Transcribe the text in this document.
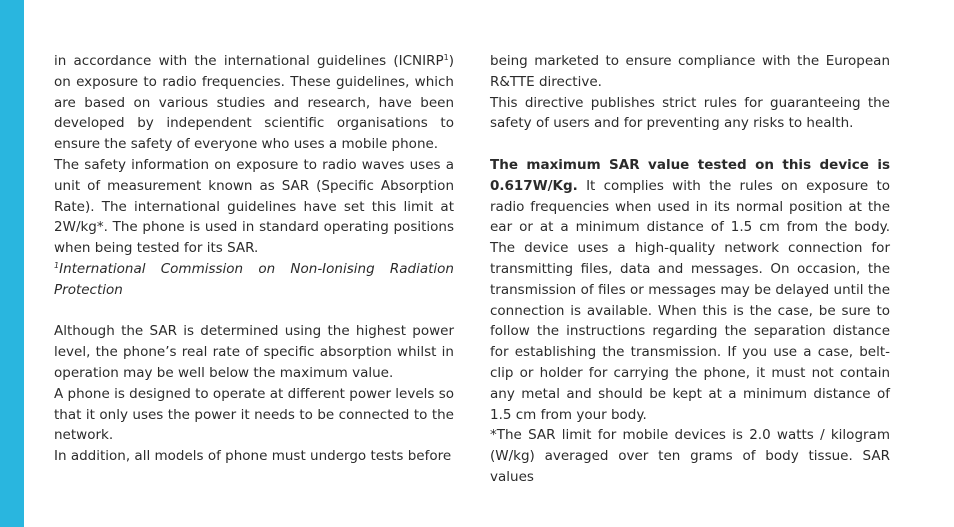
in accordance with the international guidelines (ICNIRP$^1$) on exposure to radio frequencies. These guidelines, which are based on various studies and research, have been developed by independent scientific organisations to ensure the safety of everyone who uses a mobile phone.

The safety information on exposure to radio waves uses a unit of measurement known as SAR (Specific Absorption Rate). The international guidelines have set this limit at 2W/kg*. The phone is used in standard operating positions when being tested for its SAR.

$^1$International Commission on Non-Ionising Radiation Protection

Although the SAR is determined using the highest power level, the phone’s real rate of specific absorption whilst in operation may be well below the maximum value.

A phone is designed to operate at different power levels so that it only uses the power it needs to be connected to the network.

In addition, all models of phone must undergo tests before

being marketed to ensure compliance with the European R&TTE directive.

This directive publishes strict rules for guaranteeing the safety of users and for preventing any risks to health.

The maximum SAR value tested on this device is 0.617W/Kg. It complies with the rules on exposure to radio frequencies when used in its normal position at the ear or at a minimum distance of 1.5 cm from the body. The device uses a high-quality network connection for transmitting files, data and messages. On occasion, the transmission of files or messages may be delayed until the connection is available. When this is the case, be sure to follow the instructions regarding the separation distance for establishing the transmission. If you use a case, belt-clip or holder for carrying the phone, it must not contain any metal and should be kept at a minimum distance of 1.5 cm from your body.

*The SAR limit for mobile devices is 2.0 watts / kilogram (W/kg) averaged over ten grams of body tissue. SAR values
